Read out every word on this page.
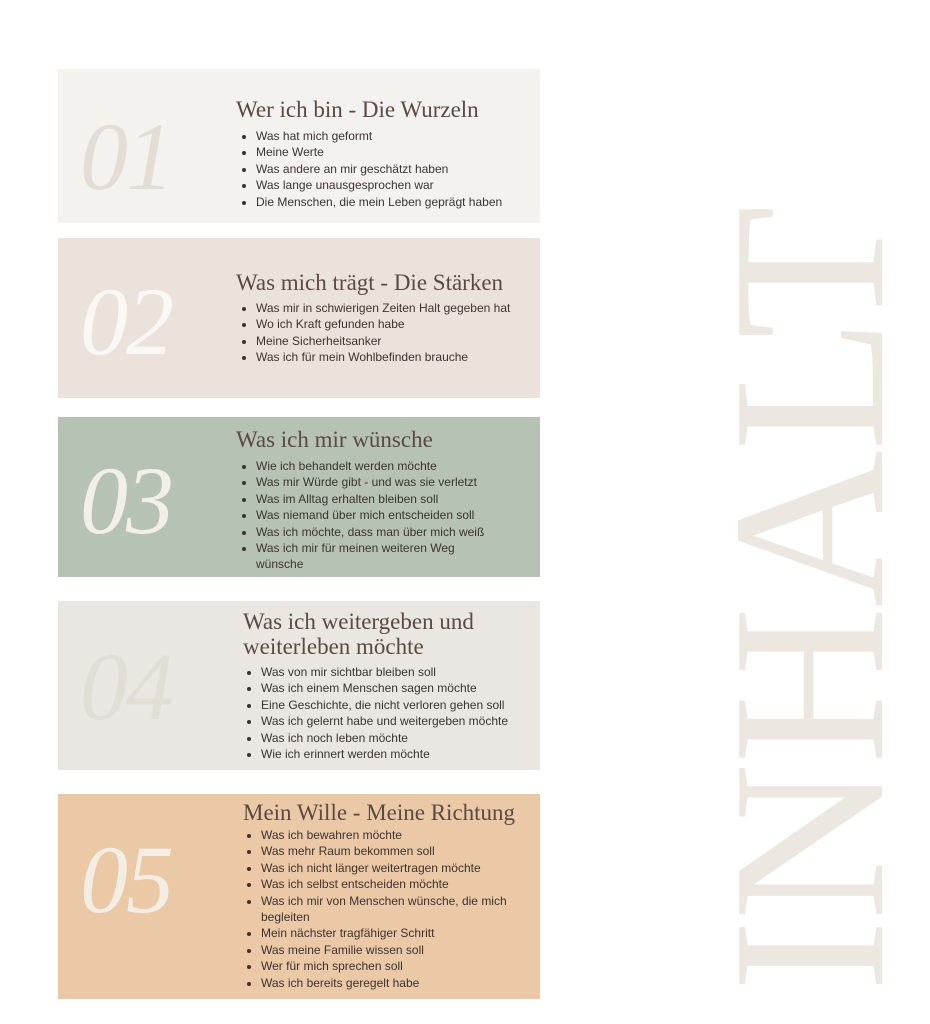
INHALT
01	Wer ich bin - Die Wurzeln
• Was hat mich geformt
• Meine Werte
• Was andere an mir geschätzt haben
• Was lange unausgesprochen war
• Die Menschen, die mein Leben geprägt haben
02	Was mich trägt - Die Stärken
• Was mir in schwierigen Zeiten Halt gegeben hat
• Wo ich Kraft gefunden habe
• Meine Sicherheitsanker
• Was ich für mein Wohlbefinden brauche
03
Was ich mir wünsche
• Wie ich behandelt werden möchte
• Was mir Würde gibt - und was sie verletzt
• Was im Alltag erhalten bleiben soll
• Was niemand über mich entscheiden soll
• Was ich möchte, dass man über mich weiß
• Was ich mir für meinen weiteren Weg wünsche
04
Was ich weitergeben und weiterleben möchte
• Was von mir sichtbar bleiben soll
• Was ich einem Menschen sagen möchte
• Eine Geschichte, die nicht verloren gehen soll
• Was ich gelernt habe und weitergeben möchte
• Was ich noch leben möchte
• Wie ich erinnert werden möchte
05
Mein Wille - Meine Richtung
• Was ich bewahren möchte
• Was mehr Raum bekommen soll
• Was ich nicht länger weitertragen möchte
• Was ich selbst entscheiden möchte
• Was ich mir von Menschen wünsche, die mich begleiten
• Mein nächster tragfähiger Schritt
• Was meine Familie wissen soll
• Wer für mich sprechen soll
• Was ich bereits geregelt habe
